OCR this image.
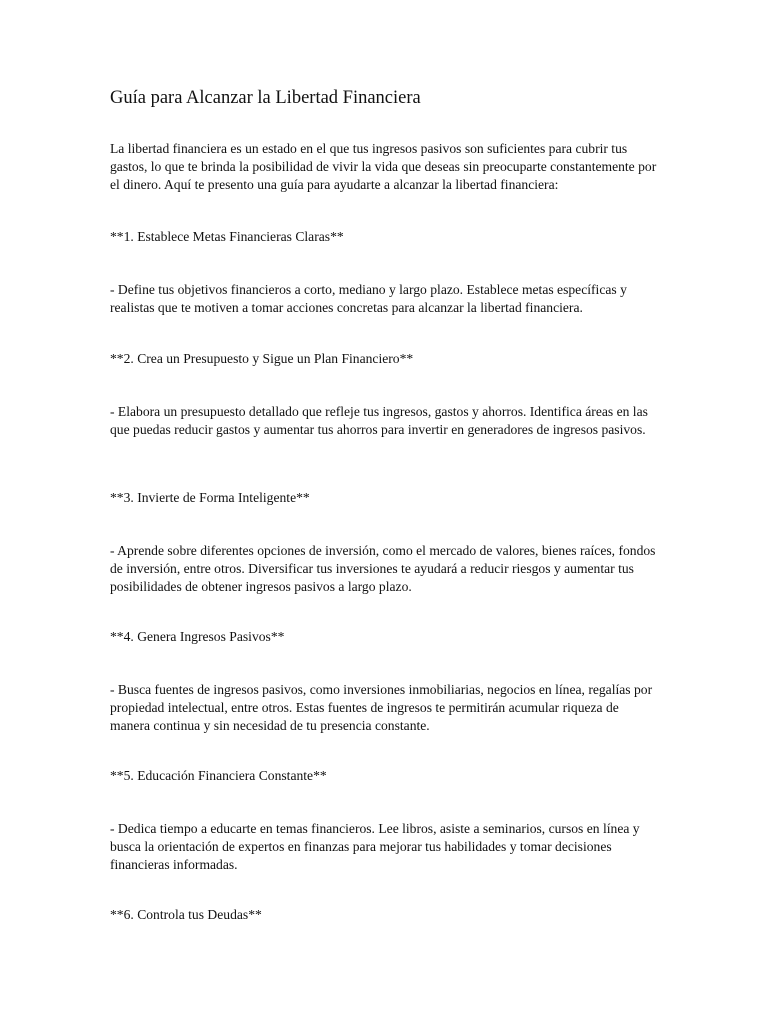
Guía para Alcanzar la Libertad Financiera

La libertad financiera es un estado en el que tus ingresos pasivos son suficientes para cubrir tus gastos, lo que te brinda la posibilidad de vivir la vida que deseas sin preocuparte constantemente por el dinero. Aquí te presento una guía para ayudarte a alcanzar la libertad financiera:

**1. Establece Metas Financieras Claras**

- Define tus objetivos financieros a corto, mediano y largo plazo. Establece metas específicas y realistas que te motiven a tomar acciones concretas para alcanzar la libertad financiera.

**2. Crea un Presupuesto y Sigue un Plan Financiero**

- Elabora un presupuesto detallado que refleje tus ingresos, gastos y ahorros. Identifica áreas en las que puedas reducir gastos y aumentar tus ahorros para invertir en generadores de ingresos pasivos.

**3. Invierte de Forma Inteligente**

- Aprende sobre diferentes opciones de inversión, como el mercado de valores, bienes raíces, fondos de inversión, entre otros. Diversificar tus inversiones te ayudará a reducir riesgos y aumentar tus posibilidades de obtener ingresos pasivos a largo plazo.

**4. Genera Ingresos Pasivos**

- Busca fuentes de ingresos pasivos, como inversiones inmobiliarias, negocios en línea, regalías por propiedad intelectual, entre otros. Estas fuentes de ingresos te permitirán acumular riqueza de manera continua y sin necesidad de tu presencia constante.

**5. Educación Financiera Constante**

- Dedica tiempo a educarte en temas financieros. Lee libros, asiste a seminarios, cursos en línea y busca la orientación de expertos en finanzas para mejorar tus habilidades y tomar decisiones financieras informadas.

**6. Controla tus Deudas**
